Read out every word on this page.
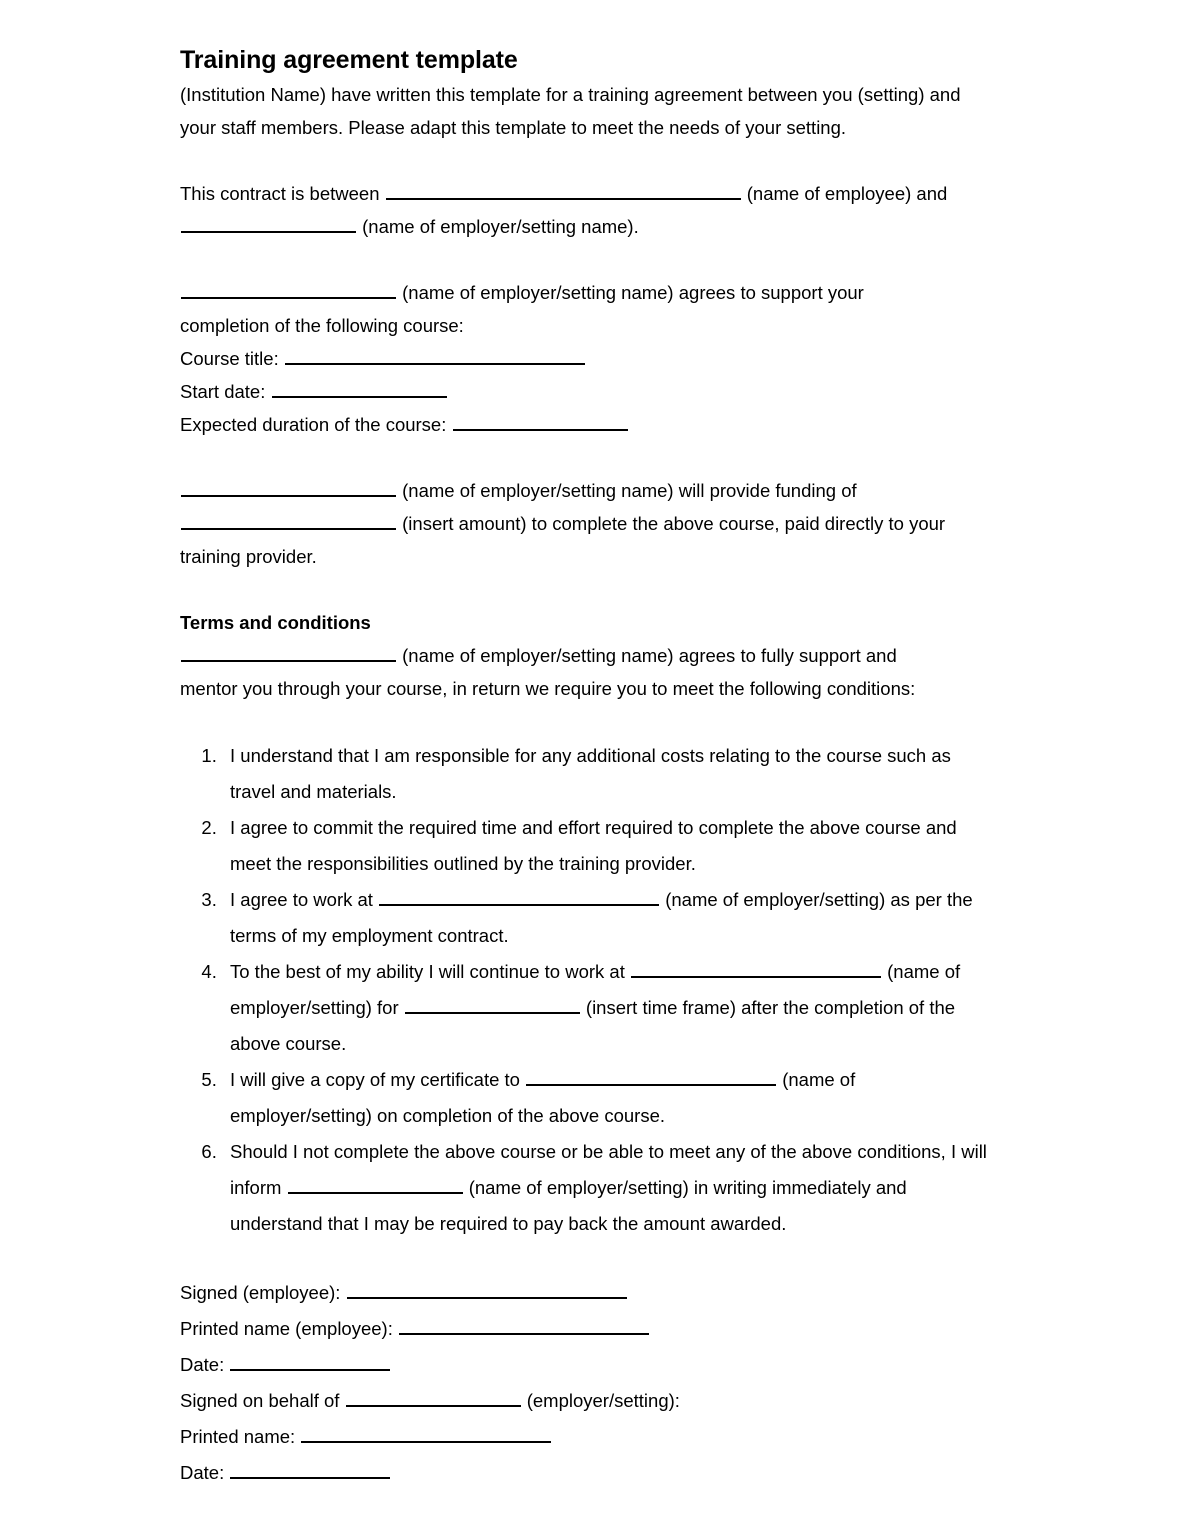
Training agreement template

(Institution Name) have written this template for a training agreement between you (setting) and your staff members. Please adapt this template to meet the needs of your setting.

This contract is between	(name of employee) and

(name of employer/setting name).

(name of employer/setting name) agrees to support your

completion of the following course:

Course title:

Start date:

Expected duration of the course:

(name of employer/setting name) will provide funding of

(insert amount) to complete the above course, paid directly to your

training provider.

Terms and conditions

(name of employer/setting name) agrees to fully support and

mentor you through your course, in return we require you to meet the following conditions:

1. I understand that I am responsible for any additional costs relating to the course such as travel and materials.
2. I agree to commit the required time and effort required to complete the above course and meet the responsibilities outlined by the training provider.
3. I agree to work at	(name of employer/setting) as per the terms of my employment contract.
4. To the best of my ability I will continue to work at	(name of employer/setting) for	(insert time frame) after the completion of the above course.
5. I will give a copy of my certificate to	(name of employer/setting) on completion of the above course.
6. Should I not complete the above course or be able to meet any of the above conditions, I will inform	(name of employer/setting) in writing immediately and understand that I may be required to pay back the amount awarded.

Signed (employee):

Printed name (employee):

Date:

Signed on behalf of	(employer/setting):

Printed name:

Date:
